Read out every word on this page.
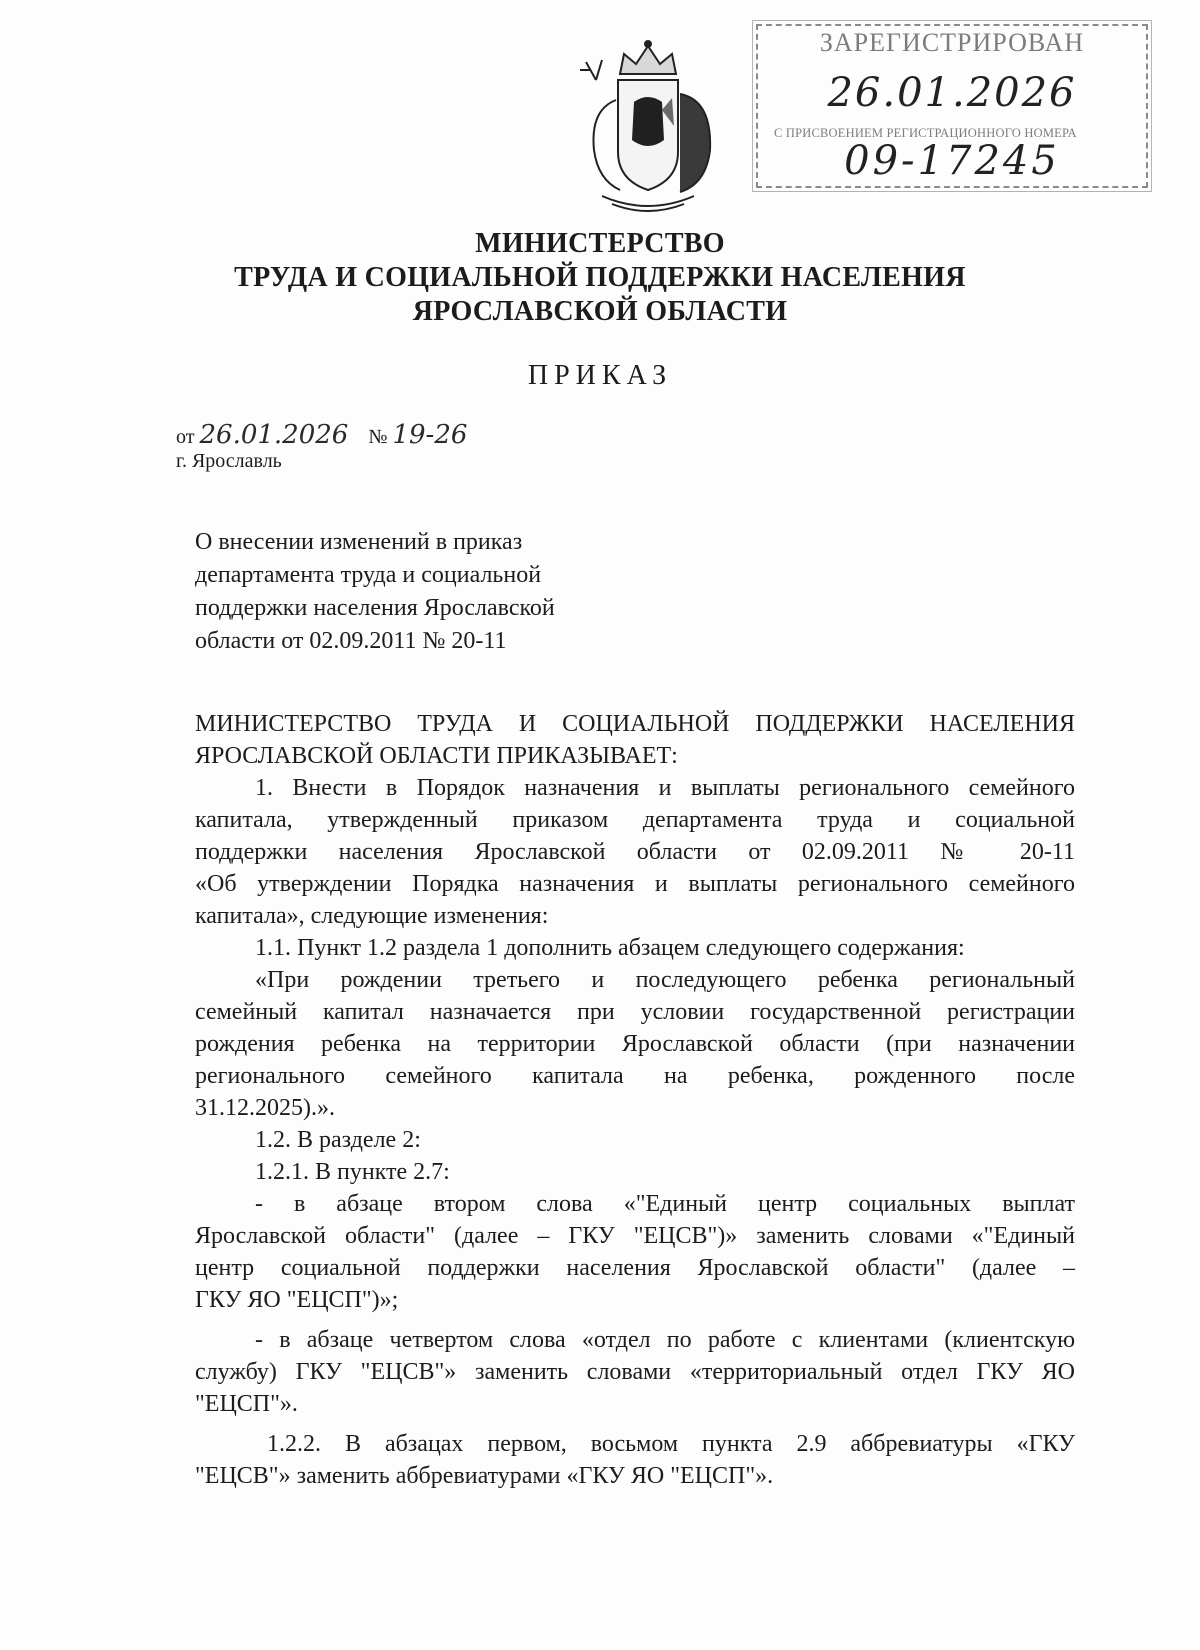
ЗАРЕГИСТРИРОВАН
26.01.2026
С ПРИСВОЕНИЕМ РЕГИСТРАЦИОННОГО НОМЕРА
09-17245
МИНИСТЕРСТВО
ТРУДА И СОЦИАЛЬНОЙ ПОДДЕРЖКИ НАСЕЛЕНИЯ
ЯРОСЛАВСКОЙ ОБЛАСТИ
ПРИКАЗ
от 26.01.2026 № 19-26
г. Ярославль
О внесении изменений в приказ
департамента труда и социальной
поддержки населения Ярославской
области от 02.09.2011 № 20-11
МИНИСТЕРСТВО ТРУДА И СОЦИАЛЬНОЙ ПОДДЕРЖКИ НАСЕЛЕНИЯ
ЯРОСЛАВСКОЙ ОБЛАСТИ ПРИКАЗЫВАЕТ:
1. Внести в Порядок назначения и выплаты регионального семейного
капитала, утвержденный приказом департамента труда и социальной
поддержки населения Ярославской области от 02.09.2011 № 20-11
«Об утверждении Порядка назначения и выплаты регионального семейного
капитала», следующие изменения:
1.1. Пункт 1.2 раздела 1 дополнить абзацем следующего содержания:
«При рождении третьего и последующего ребенка региональный
семейный капитал назначается при условии государственной регистрации
рождения ребенка на территории Ярославской области (при назначении
регионального семейного капитала на ребенка, рожденного после
31.12.2025).».
1.2. В разделе 2:
1.2.1. В пункте 2.7:
- в абзаце втором слова «"Единый центр социальных выплат
Ярославской области" (далее – ГКУ "ЕЦСВ")» заменить словами «"Единый
центр социальной поддержки населения Ярославской области" (далее –
ГКУ ЯО "ЕЦСП")»;
- в абзаце четвертом слова «отдел по работе с клиентами (клиентскую
службу) ГКУ "ЕЦСВ"» заменить словами «территориальный отдел ГКУ ЯО
"ЕЦСП"».
1.2.2. В абзацах первом, восьмом пункта 2.9 аббревиатуры «ГКУ
"ЕЦСВ"» заменить аббревиатурами «ГКУ ЯО "ЕЦСП"».
